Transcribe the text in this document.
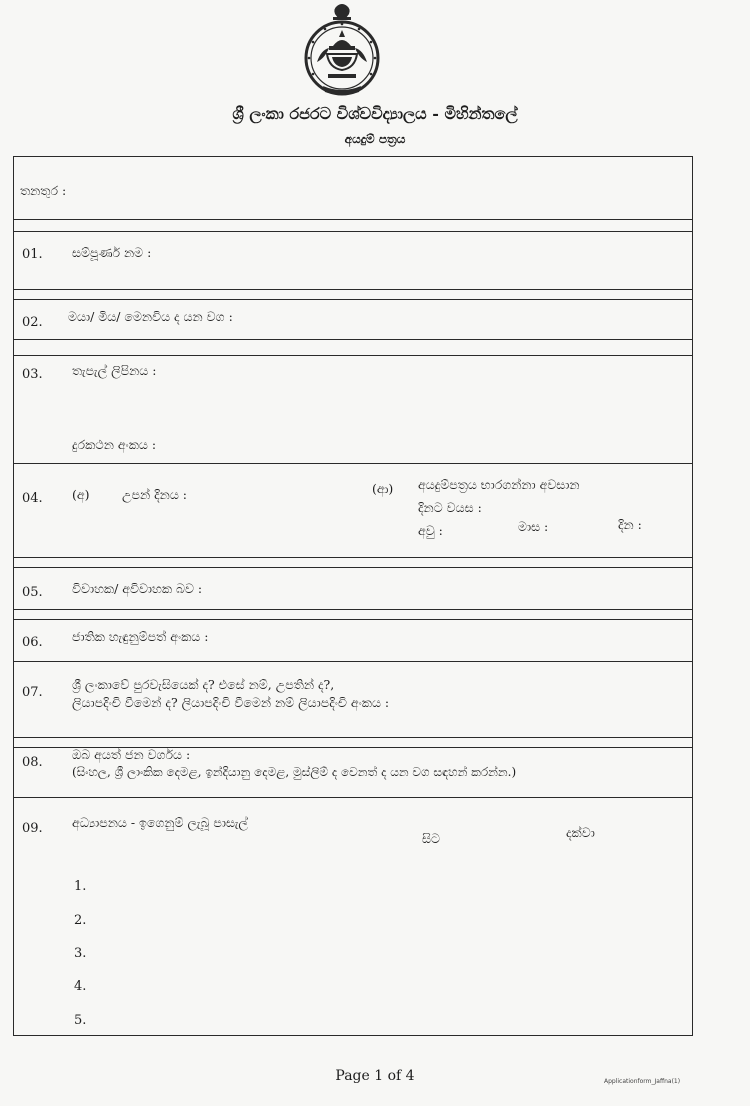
ශ්‍රී ලංකා රජරට විශ්වවිද්‍යාලය - මිහින්තලේ
අයදුම් පත්‍රය
තනතුර :
01. සම්පූර්ණ නම :
02. මයා/ මිය/ මෙනවිය ද යන වග :
03. තැපැල් ලිපිනය :
දුරකථන අංකය :
04. (අ)	උපන් දිනය :	(ආ) අයදුම්පත්‍රය භාරගන්නා අවසාන
දිනට වයස :
අවු :	මාස :	දින :
05. විවාහක/ අවිවාහක බව :
06. ජාතික හැඳුනුම්පත් අංකය :
07.
ශ්‍රී ලංකාවේ පුරවැසියෙක් ද? එසේ නම්, උපතින් ද?,
ලියාපදිංචි වීමෙන් ද? ලියාපදිංචි වීමෙන් නම් ලියාපදිංචි අංකය :
08.
ඔබ අයත් ජන වර්ගය :
(සිංහල, ශ්‍රී ලාංකික දෙමළ, ඉන්දියානු දෙමළ, මුස්ලිම් ද වෙනත් ද යන වග සඳහන් කරන්න.)
09. අධ්‍යාපනය - ඉගෙනුම් ලැබූ පාසැල්
සිට	දක්වා
1.
2.
3.
4.
5.
Page 1 of 4	Applicationform_Jaffna(1)
